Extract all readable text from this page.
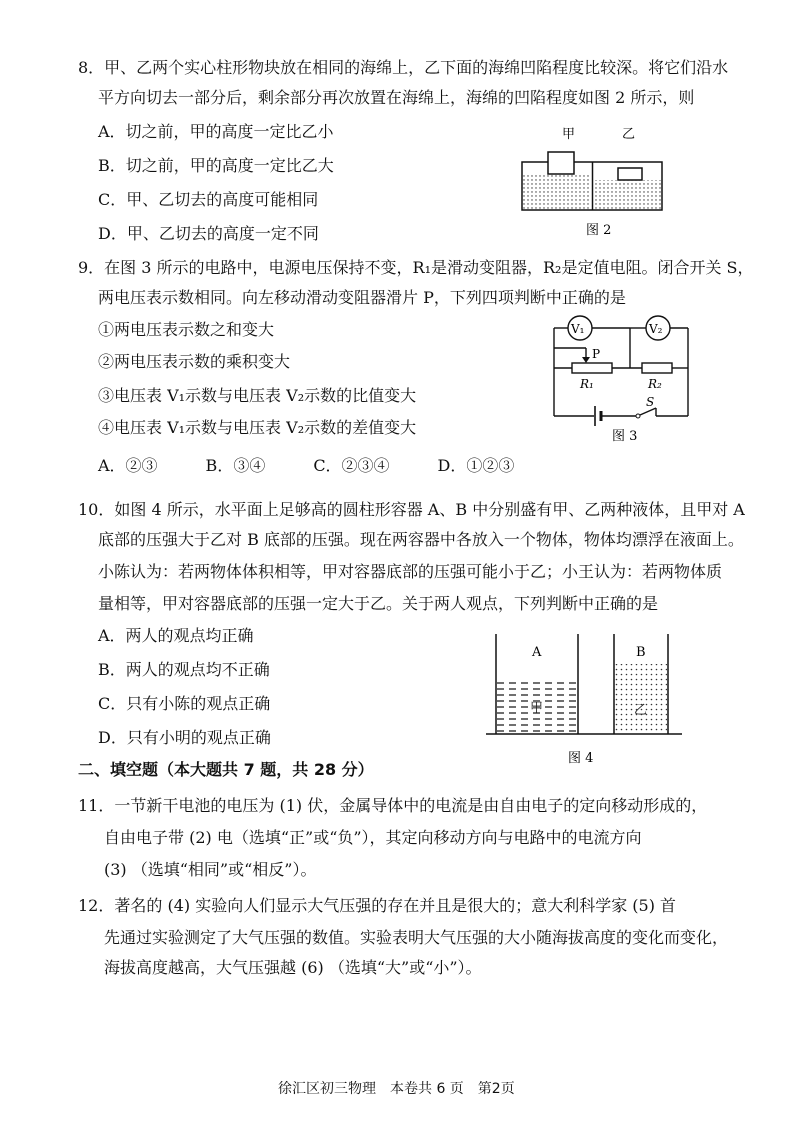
8．甲、乙两个实心柱形物块放在相同的海绵上，乙下面的海绵凹陷程度比较深。将它们沿水
平方向切去一部分后，剩余部分再次放置在海绵上，海绵的凹陷程度如图 2 所示，则
A．切之前，甲的高度一定比乙小
B．切之前，甲的高度一定比乙大
C．甲、乙切去的高度可能相同
D．甲、乙切去的高度一定不同
甲	乙
图 2
9．在图 3 所示的电路中，电源电压保持不变，R₁是滑动变阻器，R₂是定值电阻。闭合开关 S，
两电压表示数相同。向左移动滑动变阻器滑片 P，下列四项判断中正确的是
①两电压表示数之和变大
②两电压表示数的乘积变大
③电压表 V₁示数与电压表 V₂示数的比值变大
④电压表 V₁示数与电压表 V₂示数的差值变大
A．②③　　　B．③④　　　C．②③④　　　D．①②③
S
V₁	V₂
P
R₁	R₂
图 3
10．如图 4 所示，水平面上足够高的圆柱形容器 A、B 中分别盛有甲、乙两种液体，且甲对 A
底部的压强大于乙对 B 底部的压强。现在两容器中各放入一个物体，物体均漂浮在液面上。
小陈认为：若两物体体积相等，甲对容器底部的压强可能小于乙；小王认为：若两物体质
量相等，甲对容器底部的压强一定大于乙。关于两人观点，下列判断中正确的是
A．两人的观点均正确
B．两人的观点均不正确
C．只有小陈的观点正确
D．只有小明的观点正确
A
甲
B
乙
图 4
二、填空题（本大题共 7 题，共 28 分）
11．一节新干电池的电压为 (1) 伏，金属导体中的电流是由自由电子的定向移动形成的，
自由电子带 (2) 电（选填“正”或“负”），其定向移动方向与电路中的电流方向
(3) （选填“相同”或“相反”）。
12．著名的 (4) 实验向人们显示大气压强的存在并且是很大的；意大利科学家 (5) 首
先通过实验测定了大气压强的数值。实验表明大气压强的大小随海拔高度的变化而变化，
海拔高度越高，大气压强越 (6) （选填“大”或“小”）。
徐汇区初三物理　本卷共 6 页　第2页
